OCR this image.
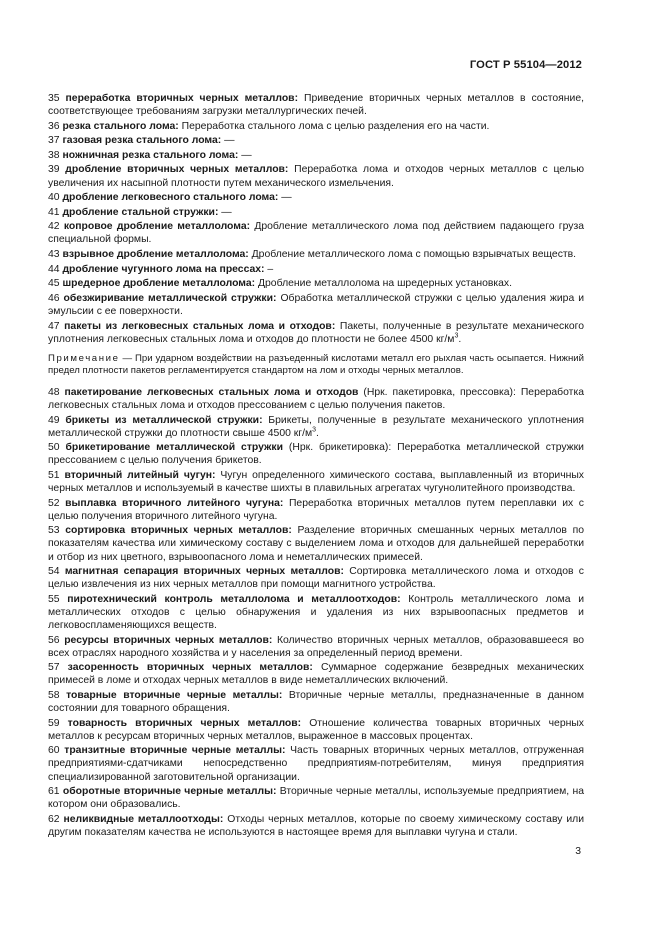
ГОСТ Р 55104—2012
35 переработка вторичных черных металлов: Приведение вторичных черных металлов в состояние, соответствующее требованиям загрузки металлургических печей.
36 резка стального лома: Переработка стального лома с целью разделения его на части.
37 газовая резка стального лома: —
38 ножничная резка стального лома: —
39 дробление вторичных черных металлов: Переработка лома и отходов черных металлов с целью увеличения их насыпной плотности путем механического измельчения.
40 дробление легковесного стального лома: —
41 дробление стальной стружки: —
42 копровое дробление металлолома: Дробление металлического лома под действием падающего груза специальной формы.
43 взрывное дробление металлолома: Дробление металлического лома с помощью взрывчатых веществ.
44 дробление чугунного лома на прессах: –
45 шредерное дробление металлолома: Дробление металлолома на шредерных установках.
46 обезжиривание металлической стружки: Обработка металлической стружки с целью удаления жира и эмульсии с ее поверхности.
47 пакеты из легковесных стальных лома и отходов: Пакеты, полученные в результате механического уплотнения легковесных стальных лома и отходов до плотности не более 4500 $кг/м^3$.
Примечание — При ударном воздействии на разъеденный кислотами металл его рыхлая часть осыпается. Нижний предел плотности пакетов регламентируется стандартом на лом и отходы черных металлов.
48 пакетирование легковесных стальных лома и отходов (Нрк. пакетировка, прессовка): Переработка легковесных стальных лома и отходов прессованием с целью получения пакетов.
49 брикеты из металлической стружки: Брикеты, полученные в результате механического уплотнения металлической стружки до плотности свыше 4500 $кг/м^3$.
50 брикетирование металлической стружки (Нрк. брикетировка): Переработка металлической стружки прессованием с целью получения брикетов.
51 вторичный литейный чугун: Чугун определенного химического состава, выплавленный из вторичных черных металлов и используемый в качестве шихты в плавильных агрегатах чугунолитейного производства.
52 выплавка вторичного литейного чугуна: Переработка вторичных металлов путем переплавки их с целью получения вторичного литейного чугуна.
53 сортировка вторичных черных металлов: Разделение вторичных смешанных черных металлов по показателям качества или химическому составу с выделением лома и отходов для дальнейшей переработки и отбор из них цветного, взрывоопасного лома и неметаллических примесей.
54 магнитная сепарация вторичных черных металлов: Сортировка металлического лома и отходов с целью извлечения из них черных металлов при помощи магнитного устройства.
55 пиротехнический контроль металлолома и металлоотходов: Контроль металлического лома и металлических отходов с целью обнаружения и удаления из них взрывоопасных предметов и легковоспламеняющихся веществ.
56 ресурсы вторичных черных металлов: Количество вторичных черных металлов, образовавшееся во всех отраслях народного хозяйства и у населения за определенный период времени.
57 засоренность вторичных черных металлов: Суммарное содержание безвредных механических примесей в ломе и отходах черных металлов в виде неметаллических включений.
58 товарные вторичные черные металлы: Вторичные черные металлы, предназначенные в данном состоянии для товарного обращения.
59 товарность вторичных черных металлов: Отношение количества товарных вторичных черных металлов к ресурсам вторичных черных металлов, выраженное в массовых процентах.
60 транзитные вторичные черные металлы: Часть товарных вторичных черных металлов, отгруженная предприятиями-сдатчиками непосредственно предприятиям-потребителям, минуя предприятия специализированной заготовительной организации.
61 оборотные вторичные черные металлы: Вторичные черные металлы, используемые предприятием, на котором они образовались.
62 неликвидные металлоотходы: Отходы черных металлов, которые по своему химическому составу или другим показателям качества не используются в настоящее время для выплавки чугуна и стали.
3
